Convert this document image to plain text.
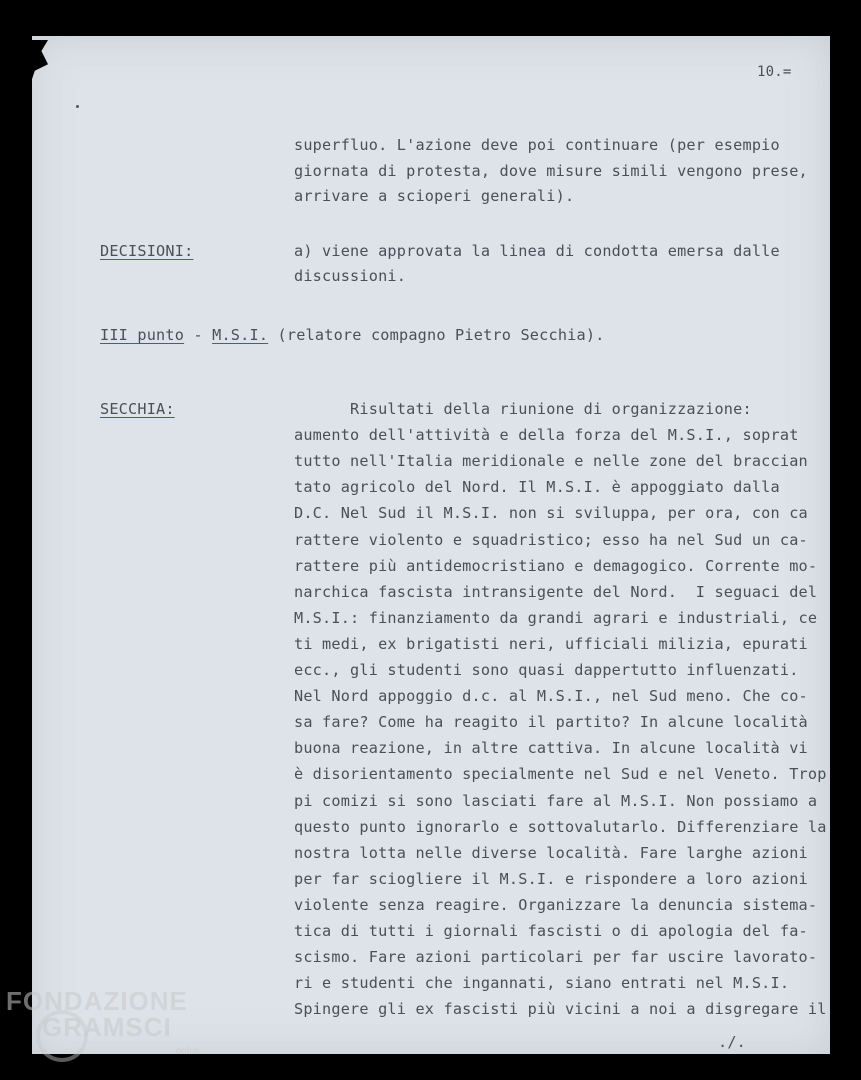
10.=
superfluo. L'azione deve poi continuare (per esempio
giornata di protesta, dove misure simili vengono prese,
arrivare a scioperi generali).
DECISIONI:	a) viene approvata la linea di condotta emersa dalle
discussioni.
III punto - M.S.I. (relatore compagno Pietro Secchia).
SECCHIA:	Risultati della riunione di organizzazione:
aumento dell'attività e della forza del M.S.I., soprat
tutto nell'Italia meridionale e nelle zone del braccian
tato agricolo del Nord. Il M.S.I. è appoggiato dalla
D.C. Nel Sud il M.S.I. non si sviluppa, per ora, con ca
rattere violento e squadristico; esso ha nel Sud un ca-
rattere più antidemocristiano e demagogico. Corrente mo-
narchica fascista intransigente del Nord.  I seguaci del
M.S.I.: finanziamento da grandi agrari e industriali, ce
ti medi, ex brigatisti neri, ufficiali milizia, epurati
ecc., gli studenti sono quasi dappertutto influenzati.
Nel Nord appoggio d.c. al M.S.I., nel Sud meno. Che co-
sa fare? Come ha reagito il partito? In alcune località
buona reazione, in altre cattiva. In alcune località vi
è disorientamento specialmente nel Sud e nel Veneto. Trop
pi comizi si sono lasciati fare al M.S.I. Non possiamo a
questo punto ignorarlo e sottovalutarlo. Differenziare la
nostra lotta nelle diverse località. Fare larghe azioni
per far sciogliere il M.S.I. e rispondere a loro azioni
violente senza reagire. Organizzare la denuncia sistema-
tica di tutti i giornali fascisti o di apologia del fa-
scismo. Fare azioni particolari per far uscire lavorato-
ri e studenti che ingannati, siano entrati nel M.S.I.
Spingere gli ex fascisti più vicini a noi a disgregare il
./.
FONDAZIONE
GRAMSCI
onlus
